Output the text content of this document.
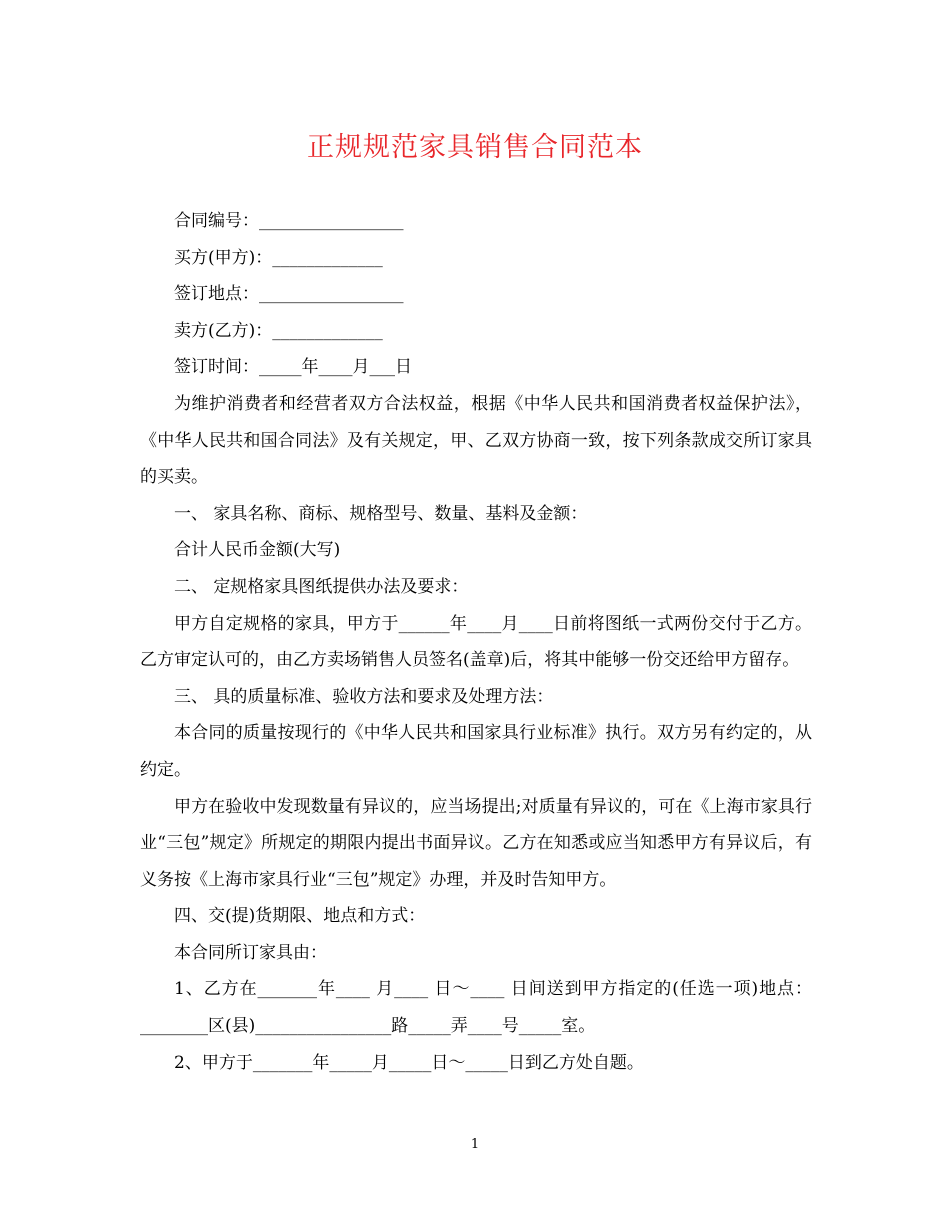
正规规范家具销售合同范本

合同编号：_________________

买方(甲方)：_____________

签订地点：_________________

卖方(乙方)：_____________

签订时间：_____年____月___日

为维护消费者和经营者双方合法权益，根据《中华人民共和国消费者权益保护法》，《中华人民共和国合同法》及有关规定，甲、乙双方协商一致，按下列条款成交所订家具的买卖。

一、 家具名称、商标、规格型号、数量、基料及金额：

合计人民币金额(大写)

二、 定规格家具图纸提供办法及要求：

甲方自定规格的家具，甲方于______年____月____日前将图纸一式两份交付于乙方。乙方审定认可的，由乙方卖场销售人员签名(盖章)后，将其中能够一份交还给甲方留存。

三、 具的质量标准、验收方法和要求及处理方法：

本合同的质量按现行的《中华人民共和国家具行业标准》执行。双方另有约定的，从约定。

甲方在验收中发现数量有异议的，应当场提出;对质量有异议的，可在《上海市家具行业“三包”规定》所规定的期限内提出书面异议。乙方在知悉或应当知悉甲方有异议后，有义务按《上海市家具行业“三包”规定》办理，并及时告知甲方。

四、交(提)货期限、地点和方式：

本合同所订家具由：

1、乙方在_______年____ 月____ 日～____ 日间送到甲方指定的(任选一项)地点：________区(县)________________路_____弄____号_____室。

2、甲方于_______年_____月_____日～_____日到乙方处自题。

1
